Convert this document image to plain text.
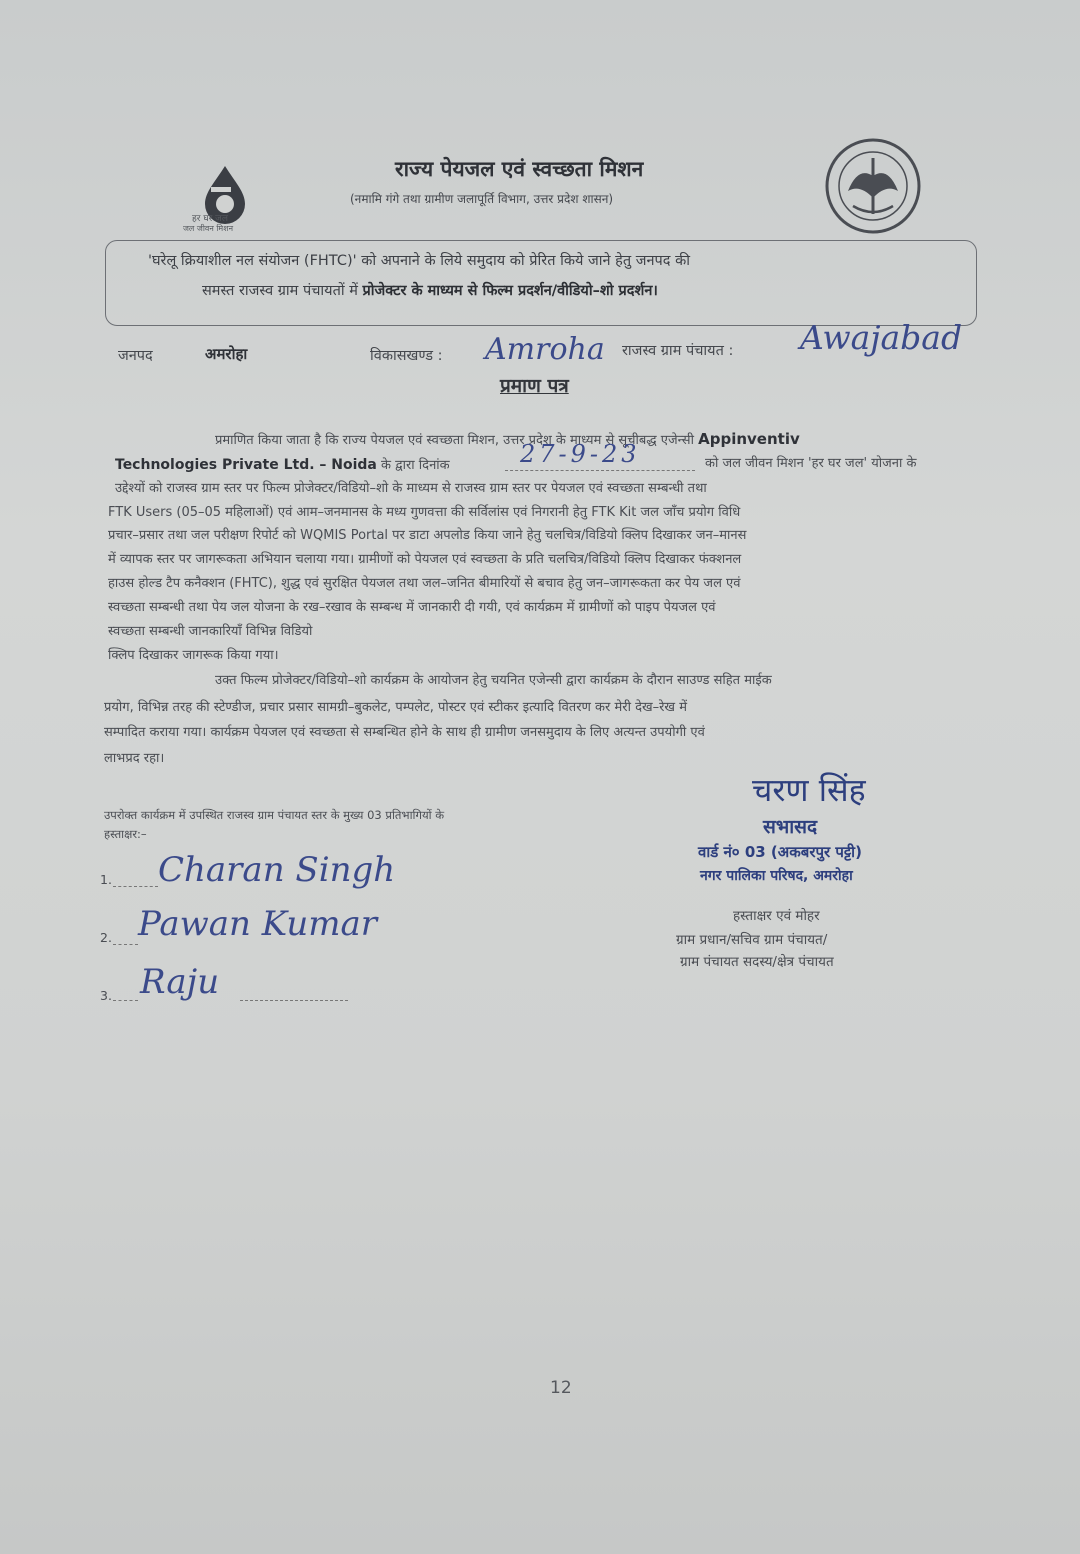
हर घर जल
जल जीवन मिशन
राज्य पेयजल एवं स्वच्छता मिशन
(नमामि गंगे तथा ग्रामीण जलापूर्ति विभाग, उत्तर प्रदेश शासन)
'घरेलू क्रियाशील नल संयोजन (FHTC)' को अपनाने के लिये समुदाय को प्रेरित किये जाने हेतु जनपद की
समस्त राजस्व ग्राम पंचायतों में प्रोजेक्टर के माध्यम से फिल्म प्रदर्शन/वीडियो–शो प्रदर्शन।
जनपद	अमरोहा	विकासखण्ड : Amroha राजस्व ग्राम पंचायत : Awajabad
प्रमाण पत्र
प्रमाणित किया जाता है कि राज्य पेयजल एवं स्वच्छता मिशन, उत्तर प्रदेश के माध्यम से सूचीबद्ध एजेन्सी Appinventiv
Technologies Private Ltd. – Noida के द्वारा दिनांक	27-9-23	को जल जीवन मिशन 'हर घर जल' योजना के
उद्देश्यों को राजस्व ग्राम स्तर पर फिल्म प्रोजेक्टर/विडियो–शो के माध्यम से राजस्व ग्राम स्तर पर पेयजल एवं स्वच्छता सम्बन्धी तथा
FTK Users (05–05 महिलाओं) एवं आम–जनमानस के मध्य गुणवत्ता की सर्विलांस एवं निगरानी हेतु FTK Kit जल जाँच प्रयोग विधि
प्रचार–प्रसार तथा जल परीक्षण रिपोर्ट को WQMIS Portal पर डाटा अपलोड किया जाने हेतु चलचित्र/विडियो क्लिप दिखाकर जन–मानस
में व्यापक स्तर पर जागरूकता अभियान चलाया गया। ग्रामीणों को पेयजल एवं स्वच्छता के प्रति चलचित्र/विडियो क्लिप दिखाकर फंक्शनल
हाउस होल्ड टैप कनैक्शन (FHTC), शुद्ध एवं सुरक्षित पेयजल तथा जल–जनित बीमारियों से बचाव हेतु जन–जागरूकता कर पेय जल एवं
स्वच्छता सम्बन्धी तथा पेय जल योजना के रख–रखाव के सम्बन्ध में जानकारी दी गयी, एवं कार्यक्रम में ग्रामीणों को पाइप पेयजल एवं
स्वच्छता सम्बन्धी जानकारियॉं विभिन्न विडियो
क्लिप दिखाकर जागरूक किया गया।
उक्त फिल्म प्रोजेक्टर/विडियो–शो कार्यक्रम के आयोजन हेतु चयनित एजेन्सी द्वारा कार्यक्रम के दौरान साउण्ड सहित माईक
प्रयोग, विभिन्न तरह की स्टेण्डीज, प्रचार प्रसार सामग्री–बुकलेट, पम्पलेट, पोस्टर एवं स्टीकर इत्यादि वितरण कर मेरी देख–रेख में
सम्पादित कराया गया। कार्यक्रम पेयजल एवं स्वच्छता से सम्बन्धित होने के साथ ही ग्रामीण जनसमुदाय के लिए अत्यन्त उपयोगी एवं
लाभप्रद रहा।
उपरोक्त कार्यक्रम में उपस्थित राजस्व ग्राम पंचायत स्तर के मुख्य 03 प्रतिभागियों के
हस्ताक्षर:–
1. Charan Singh
2. Pawan Kumar
3. Raju
चरण सिंह
सभासद
वार्ड नं० 03 (अकबरपुर पट्टी)
नगर पालिका परिषद, अमरोहा
हस्ताक्षर एवं मोहर
ग्राम प्रधान/सचिव ग्राम पंचायत/
ग्राम पंचायत सदस्य/क्षेत्र पंचायत
12
